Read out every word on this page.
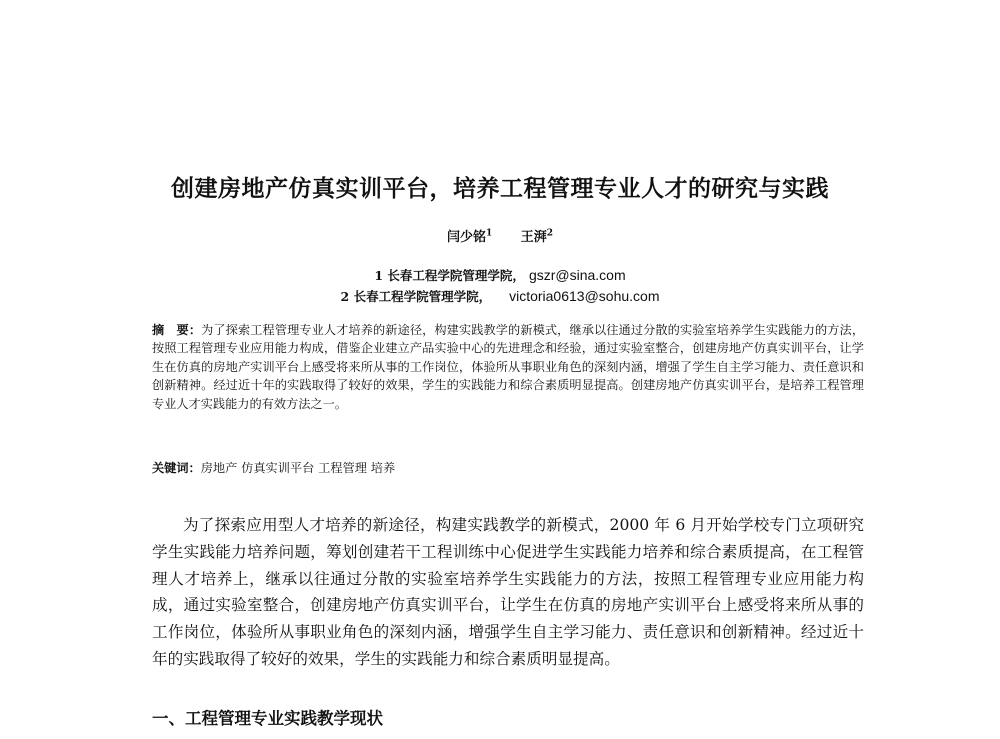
创建房地产仿真实训平台，培养工程管理专业人才的研究与实践
闫少铭$^1$ 王湃$^2$
1 长春工程学院管理学院， gszr@sina.com
2 长春工程学院管理学院， victoria0613@sohu.com

摘　要：为了探索工程管理专业人才培养的新途径，构建实践教学的新模式，继承以往通过分散的实验室培养学生实践能力的方法，按照工程管理专业应用能力构成，借鉴企业建立产品实验中心的先进理念和经验，通过实验室整合，创建房地产仿真实训平台，让学生在仿真的房地产实训平台上感受将来所从事的工作岗位，体验所从事职业角色的深刻内涵，增强了学生自主学习能力、责任意识和创新精神。经过近十年的实践取得了较好的效果，学生的实践能力和综合素质明显提高。创建房地产仿真实训平台，是培养工程管理专业人才实践能力的有效方法之一。

关键词：房地产 仿真实训平台 工程管理 培养

为了探索应用型人才培养的新途径，构建实践教学的新模式，2000 年 6 月开始学校专门立项研究学生实践能力培养问题，筹划创建若干工程训练中心促进学生实践能力培养和综合素质提高，在工程管理人才培养上，继承以往通过分散的实验室培养学生实践能力的方法，按照工程管理专业应用能力构成，通过实验室整合，创建房地产仿真实训平台，让学生在仿真的房地产实训平台上感受将来所从事的工作岗位，体验所从事职业角色的深刻内涵，增强学生自主学习能力、责任意识和创新精神。经过近十年的实践取得了较好的效果，学生的实践能力和综合素质明显提高。

一、工程管理专业实践教学现状
